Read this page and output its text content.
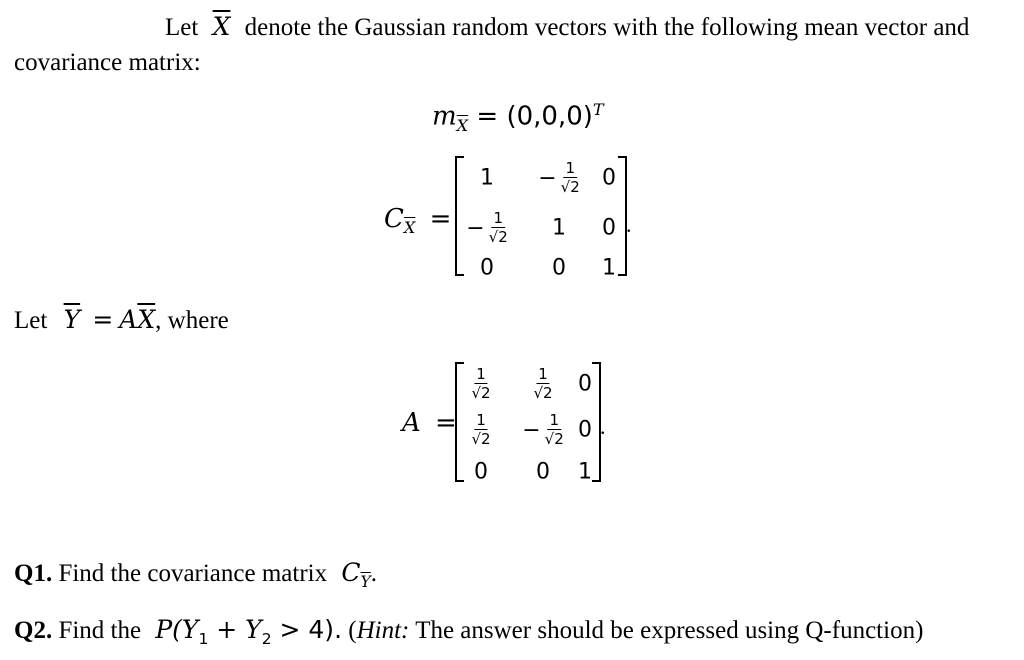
Let $\overline{X}$ denote the Gaussian random vectors with the following mean vector and
covariance matrix:
$m_{\overline{X}} = (0,0,0)^T$
$C_{\overline{X}}$ =
$1 - \frac{1}{√2} 0$
− $\frac{1}{√2} 1$ 0
0	0 1
.
Let $\overline{Y} = A\overline{X}$, where
A =
$\frac{1}{√2}$	$\frac{1}{√2} 0$
$\frac{1}{√2} - \frac{1}{√2} 0$
0 0 1
.
Q1. Find the covariance matrix $C_{\overline{Y}}$.
Q2. Find the $P(Y_1 + Y_2 > 4)$. (Hint: The answer should be expressed using Q-function)
